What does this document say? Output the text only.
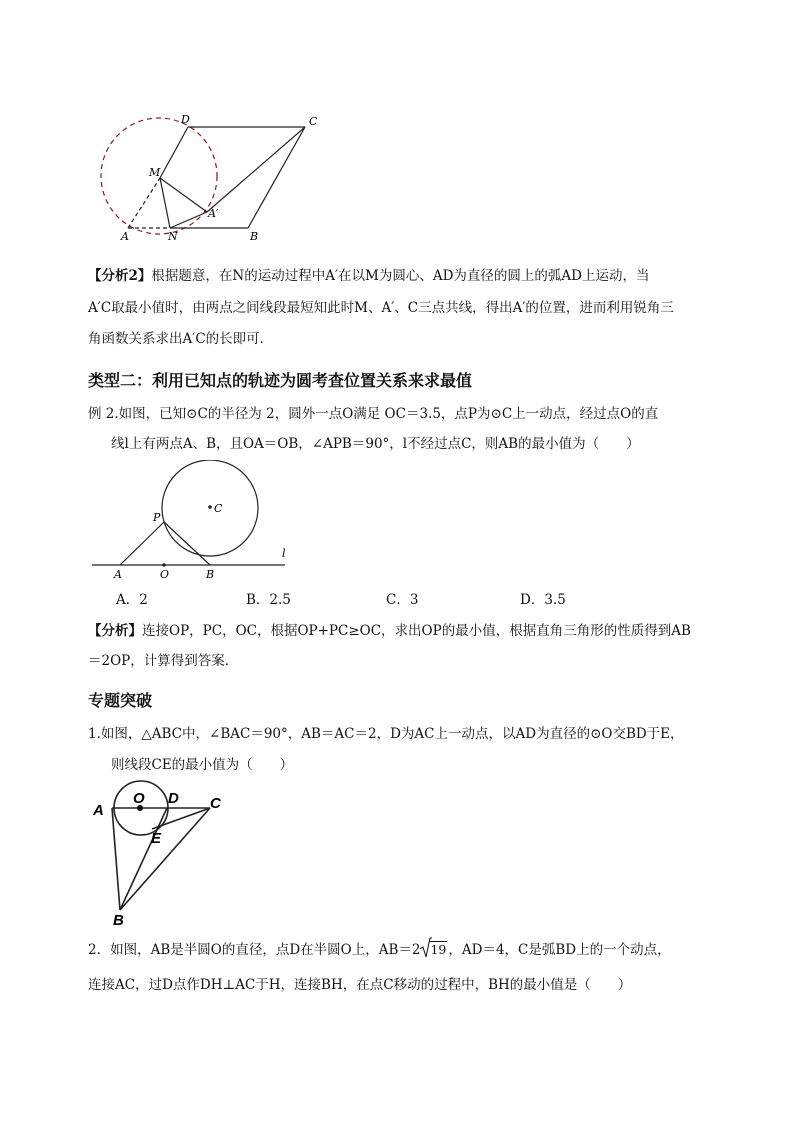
D	C
M
A′
A	N	B
【分析2】根据题意，在N的运动过程中A′在以M为圆心、AD为直径的圆上的弧AD上运动，当
A′C取最小值时，由两点之间线段最短知此时M、A′、C三点共线，得出A′的位置，进而利用锐角三
角函数关系求出A′C的长即可．
类型二：利用已知点的轨迹为圆考查位置关系来求最值
例 2.如图，已知⊙C的半径为 2，圆外一点O满足 OC＝3.5，点P为⊙C上一动点，经过点O的直
线l上有两点A、B，且OA＝OB，∠APB＝90°，l不经过点C，则AB的最小值为（　　）
P
C
l
A	O	B
A．2	B．2.5	C．3	D．3.5
【分析】连接OP，PC，OC，根据OP+PC≥OC，求出OP的最小值，根据直角三角形的性质得到AB
＝2OP，计算得到答案．
专题突破
1.如图，△ABC中，∠BAC＝90°，AB＝AC＝2，D为AC上一动点，以AD为直径的⊙O交BD于E，
则线段CE的最小值为（　　）
A
O D C
E
B
2．如图，AB是半圆O的直径，点D在半圆O上，AB＝2 19 ，AD＝4，C是弧BD上的一个动点，
连接AC，过D点作DH⊥AC于H，连接BH，在点C移动的过程中，BH的最小值是（　　）
